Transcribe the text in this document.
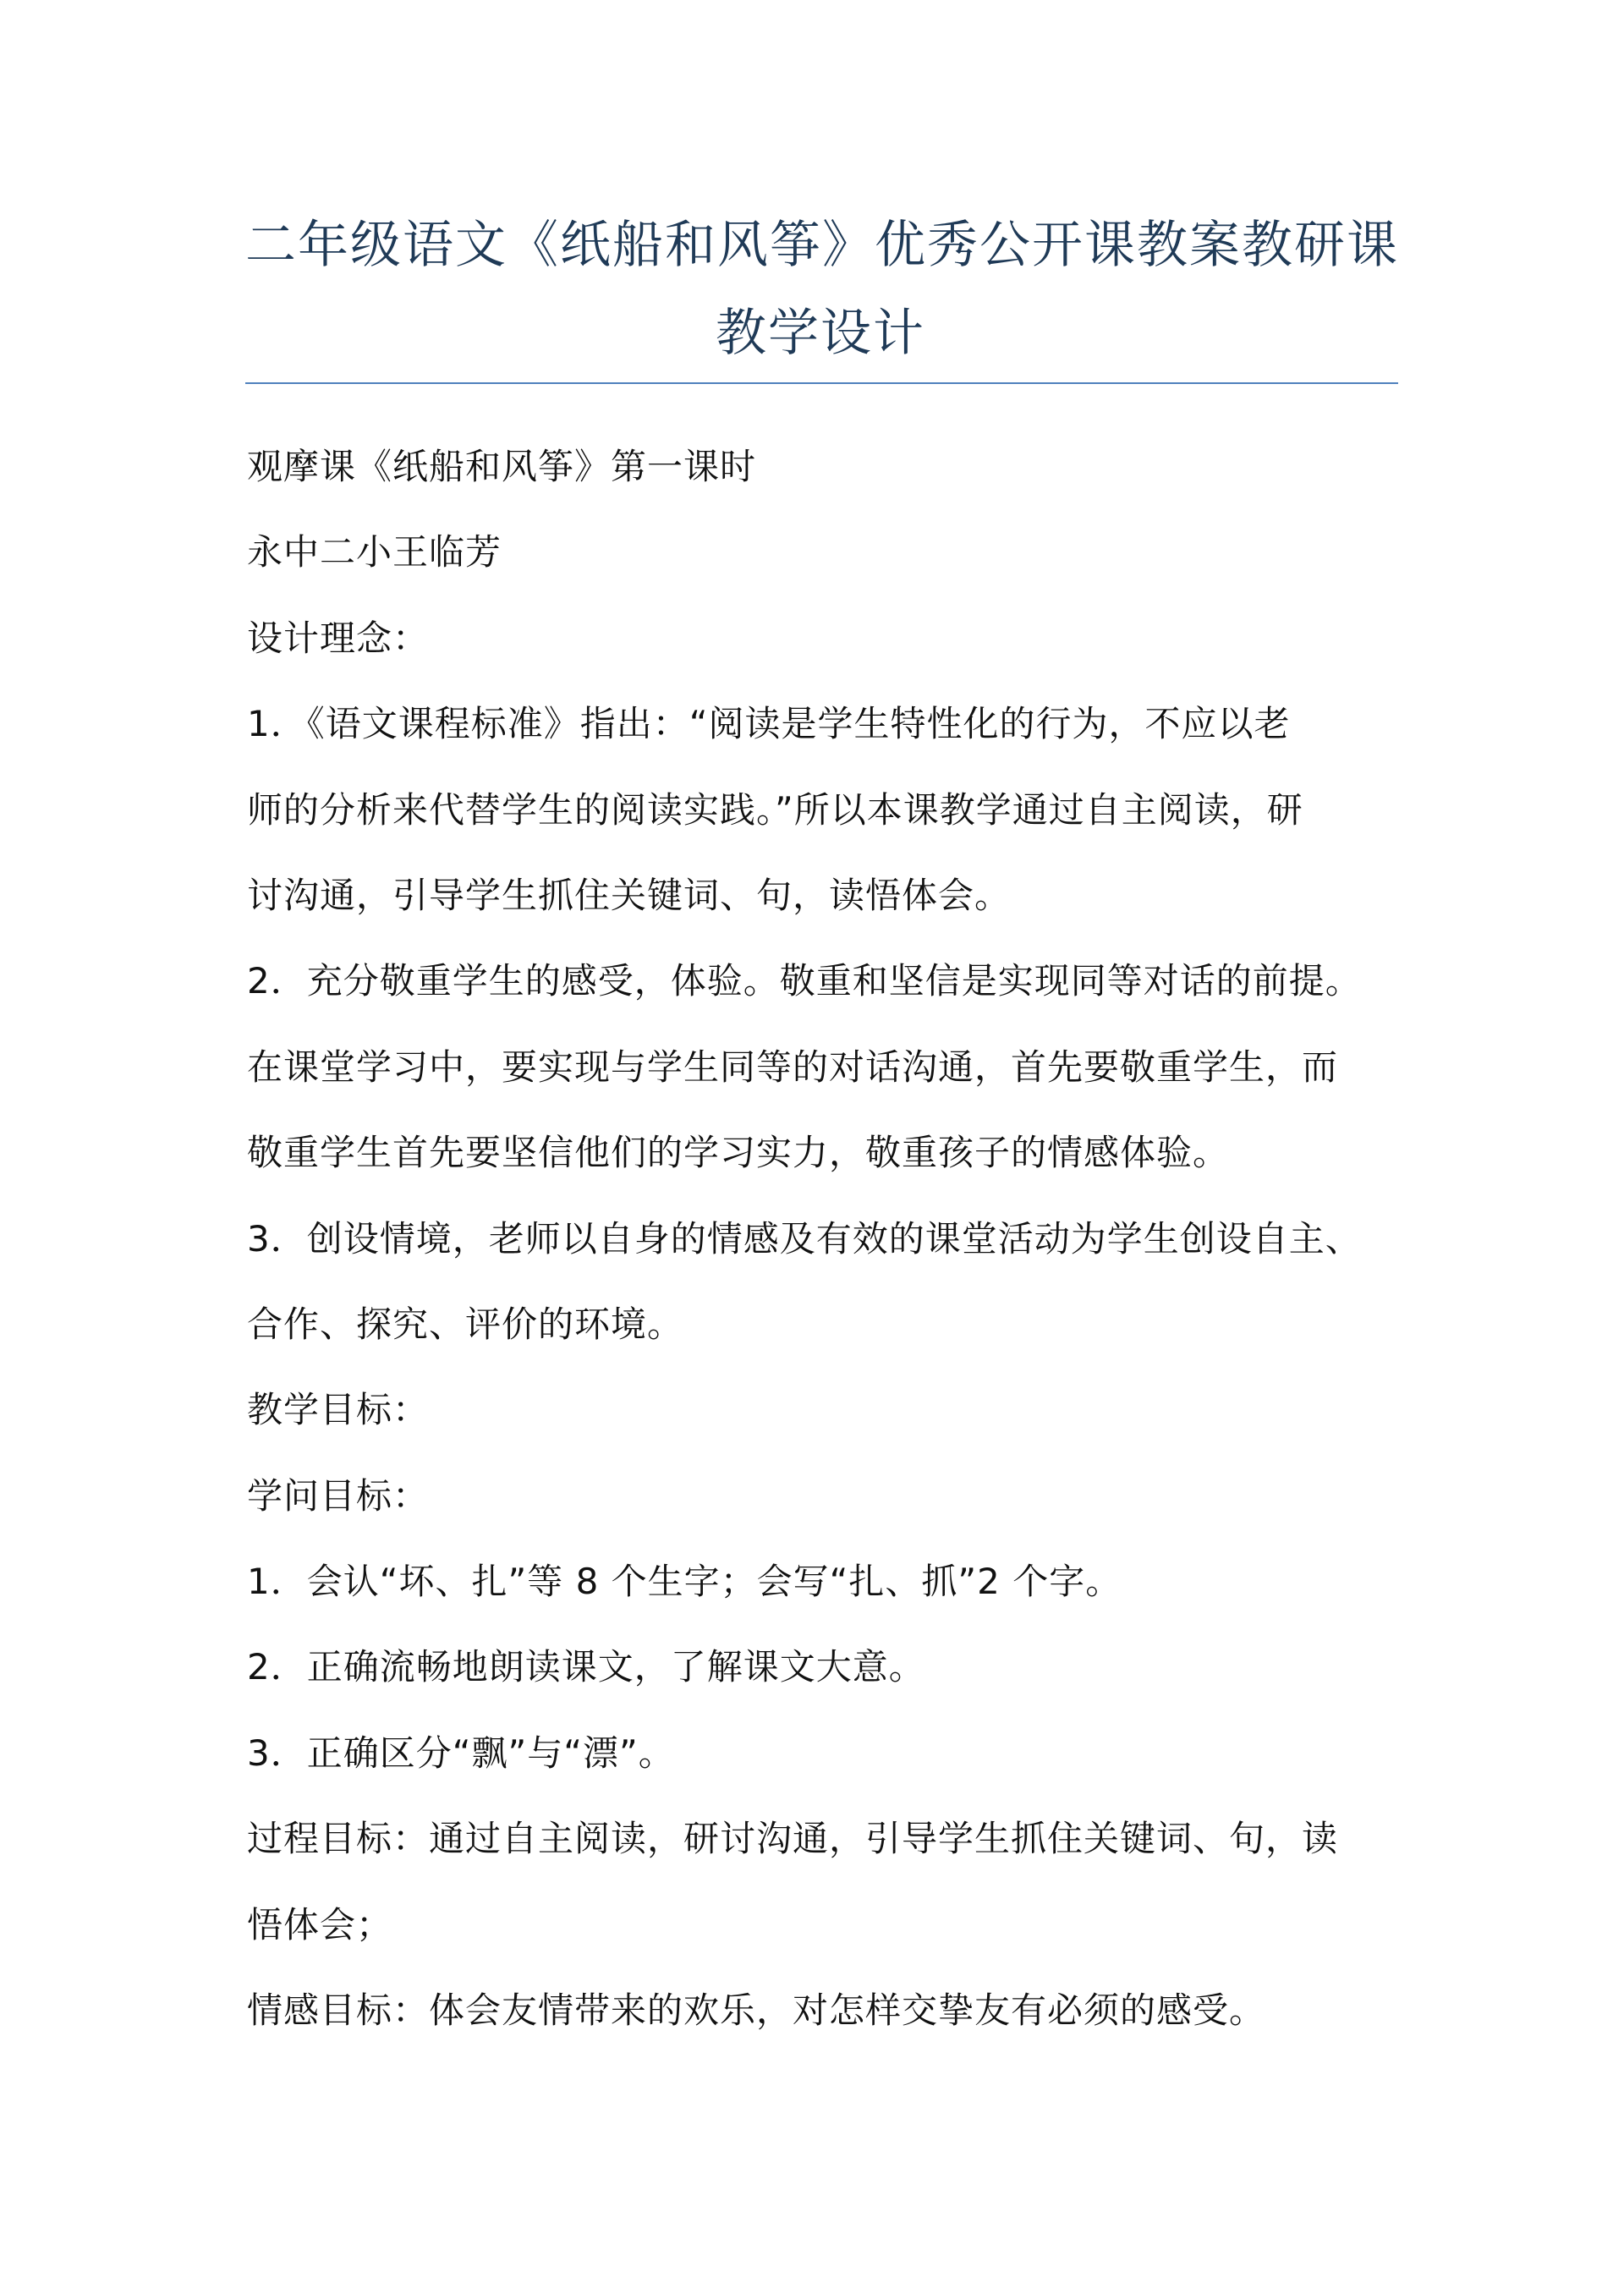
二年级语文《纸船和风筝》优秀公开课教案教研课
教学设计
观摩课《纸船和风筝》第一课时
永中二小王临芳
设计理念：
1．《语文课程标准》指出：“阅读是学生特性化的行为，不应以老
师的分析来代替学生的阅读实践。”所以本课教学通过自主阅读，研
讨沟通，引导学生抓住关键词、句，读悟体会。
2．充分敬重学生的感受，体验。敬重和坚信是实现同等对话的前提。
在课堂学习中，要实现与学生同等的对话沟通，首先要敬重学生，而
敬重学生首先要坚信他们的学习实力，敬重孩子的情感体验。
3．创设情境，老师以自身的情感及有效的课堂活动为学生创设自主、
合作、探究、评价的环境。
教学目标：
学问目标：
1．会认“坏、扎”等 8 个生字；会写“扎、抓”2 个字。
2．正确流畅地朗读课文，了解课文大意。
3．正确区分“飘”与“漂”。
过程目标：通过自主阅读，研讨沟通，引导学生抓住关键词、句，读
悟体会；
情感目标：体会友情带来的欢乐，对怎样交挚友有必须的感受。
